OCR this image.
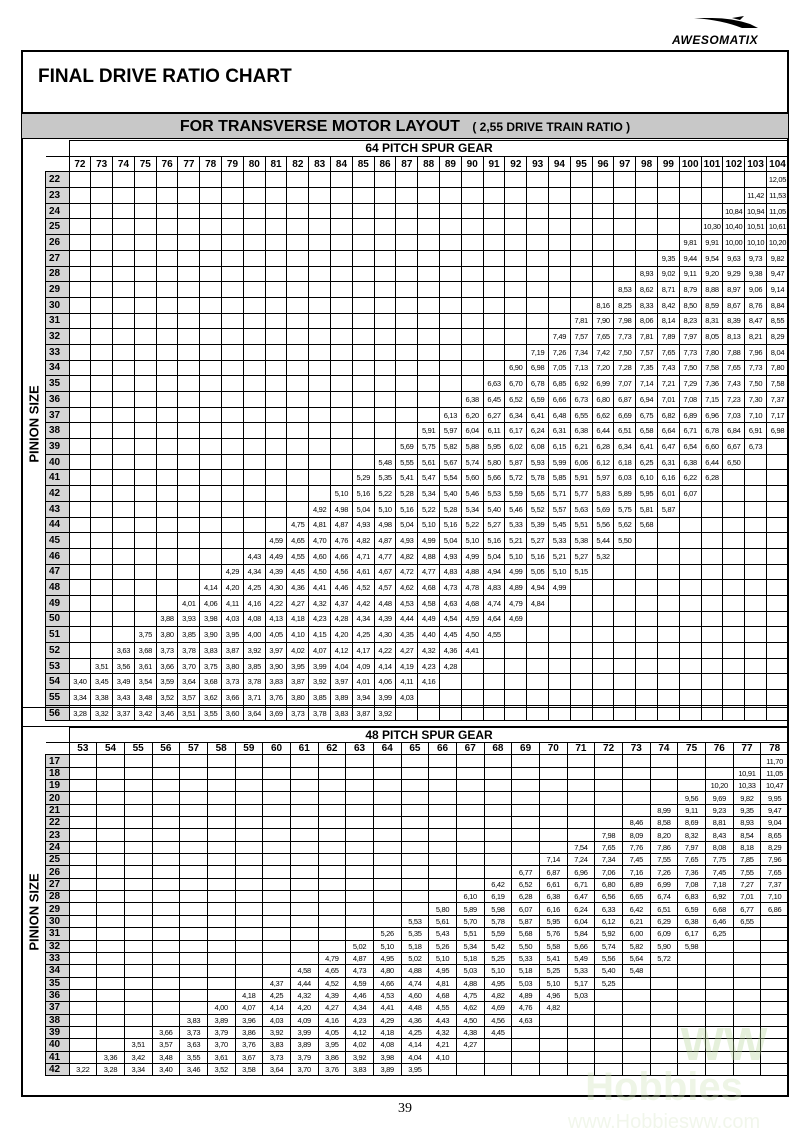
AWESOMATIX
FINAL DRIVE RATIO CHART
FOR TRANSVERSE MOTOR LAYOUT ( 2,55 DRIVE TRAIN RATIO )
	64 PITCH SPUR GEAR																																
	72	73	74	75	76	77	78	79	80	81	82	83	84	85	86	87	88	89	90	91	92	93	94	95	96	97	98	99	100	101	102	103	104
22																																	12,05
23																																11,42	11,53
24																															10,84	10,94	11,05
25																														10,30	10,40	10,51	10,61
26																													9,81	9,91	10,00	10,10	10,20
27																												9,35	9,44	9,54	9,63	9,73	9,82
28																											8,93	9,02	9,11	9,20	9,29	9,38	9,47
29																										8,53	8,62	8,71	8,79	8,88	8,97	9,06	9,14
30																									8,16	8,25	8,33	8,42	8,50	8,59	8,67	8,76	8,84
31																								7,81	7,90	7,98	8,06	8,14	8,23	8,31	8,39	8,47	8,55
32																							7,49	7,57	7,65	7,73	7,81	7,89	7,97	8,05	8,13	8,21	8,29
33																						7,19	7,26	7,34	7,42	7,50	7,57	7,65	7,73	7,80	7,88	7,96	8,04
34																					6,90	6,98	7,05	7,13	7,20	7,28	7,35	7,43	7,50	7,58	7,65	7,73	7,80
35																				6,63	6,70	6,78	6,85	6,92	6,99	7,07	7,14	7,21	7,29	7,36	7,43	7,50	7,58
36																			6,38	6,45	6,52	6,59	6,66	6,73	6,80	6,87	6,94	7,01	7,08	7,15	7,23	7,30	7,37
37																		6,13	6,20	6,27	6,34	6,41	6,48	6,55	6,62	6,69	6,75	6,82	6,89	6,96	7,03	7,10	7,17
38																	5,91	5,97	6,04	6,11	6,17	6,24	6,31	6,38	6,44	6,51	6,58	6,64	6,71	6,78	6,84	6,91	6,98
39																5,69	5,75	5,82	5,88	5,95	6,02	6,08	6,15	6,21	6,28	6,34	6,41	6,47	6,54	6,60	6,67	6,73	
40															5,48	5,55	5,61	5,67	5,74	5,80	5,87	5,93	5,99	6,06	6,12	6,18	6,25	6,31	6,38	6,44	6,50		
41														5,29	5,35	5,41	5,47	5,54	5,60	5,66	5,72	5,78	5,85	5,91	5,97	6,03	6,10	6,16	6,22	6,28			
42													5,10	5,16	5,22	5,28	5,34	5,40	5,46	5,53	5,59	5,65	5,71	5,77	5,83	5,89	5,95	6,01	6,07				
43												4,92	4,98	5,04	5,10	5,16	5,22	5,28	5,34	5,40	5,46	5,52	5,57	5,63	5,69	5,75	5,81	5,87					
44											4,75	4,81	4,87	4,93	4,98	5,04	5,10	5,16	5,22	5,27	5,33	5,39	5,45	5,51	5,56	5,62	5,68						
45										4,59	4,65	4,70	4,76	4,82	4,87	4,93	4,99	5,04	5,10	5,16	5,21	5,27	5,33	5,38	5,44	5,50							
46									4,43	4,49	4,55	4,60	4,66	4,71	4,77	4,82	4,88	4,93	4,99	5,04	5,10	5,16	5,21	5,27	5,32								
47								4,29	4,34	4,39	4,45	4,50	4,56	4,61	4,67	4,72	4,77	4,83	4,88	4,94	4,99	5,05	5,10	5,15									
48							4,14	4,20	4,25	4,30	4,36	4,41	4,46	4,52	4,57	4,62	4,68	4,73	4,78	4,83	4,89	4,94	4,99										
49						4,01	4,06	4,11	4,16	4,22	4,27	4,32	4,37	4,42	4,48	4,53	4,58	4,63	4,68	4,74	4,79	4,84											
50					3,88	3,93	3,98	4,03	4,08	4,13	4,18	4,23	4,28	4,34	4,39	4,44	4,49	4,54	4,59	4,64	4,69												
51				3,75	3,80	3,85	3,90	3,95	4,00	4,05	4,10	4,15	4,20	4,25	4,30	4,35	4,40	4,45	4,50	4,55													
52			3,63	3,68	3,73	3,78	3,83	3,87	3,92	3,97	4,02	4,07	4,12	4,17	4,22	4,27	4,32	4,36	4,41														
53		3,51	3,56	3,61	3,66	3,70	3,75	3,80	3,85	3,90	3,95	3,99	4,04	4,09	4,14	4,19	4,23	4,28															
54	3,40	3,45	3,49	3,54	3,59	3,64	3,68	3,73	3,78	3,83	3,87	3,92	3,97	4,01	4,06	4,11	4,16																
55	3,34	3,38	3,43	3,48	3,52	3,57	3,62	3,66	3,71	3,76	3,80	3,85	3,89	3,94	3,99	4,03																	
56	3,28	3,32	3,37	3,42	3,46	3,51	3,55	3,60	3,64	3,69	3,73	3,78	3,83	3,87	3,92																		
PINION SIZE
	48 PITCH SPUR GEAR																									
	53	54	55	56	57	58	59	60	61	62	63	64	65	66	67	68	69	70	71	72	73	74	75	76	77	78
17																										11,70
18																									10,91	11,05
19																								10,20	10,33	10,47
20																							9,56	9,69	9,82	9,95
21																						8,99	9,11	9,23	9,35	9,47
22																					8,46	8,58	8,69	8,81	8,93	9,04
23																				7,98	8,09	8,20	8,32	8,43	8,54	8,65
24																			7,54	7,65	7,76	7,86	7,97	8,08	8,18	8,29
25																		7,14	7,24	7,34	7,45	7,55	7,65	7,75	7,85	7,96
26																	6,77	6,87	6,96	7,06	7,16	7,26	7,36	7,45	7,55	7,65
27																6,42	6,52	6,61	6,71	6,80	6,89	6,99	7,08	7,18	7,27	7,37
28															6,10	6,19	6,28	6,38	6,47	6,56	6,65	6,74	6,83	6,92	7,01	7,10
29														5,80	5,89	5,98	6,07	6,16	6,24	6,33	6,42	6,51	6,59	6,68	6,77	6,86
30													5,53	5,61	5,70	5,78	5,87	5,95	6,04	6,12	6,21	6,29	6,38	6,46	6,55	
31												5,26	5,35	5,43	5,51	5,59	5,68	5,76	5,84	5,92	6,00	6,09	6,17	6,25		
32											5,02	5,10	5,18	5,26	5,34	5,42	5,50	5,58	5,66	5,74	5,82	5,90	5,98			
33										4,79	4,87	4,95	5,02	5,10	5,18	5,25	5,33	5,41	5,49	5,56	5,64	5,72				
34									4,58	4,65	4,73	4,80	4,88	4,95	5,03	5,10	5,18	5,25	5,33	5,40	5,48					
35								4,37	4,44	4,52	4,59	4,66	4,74	4,81	4,88	4,95	5,03	5,10	5,17	5,25						
36							4,18	4,25	4,32	4,39	4,46	4,53	4,60	4,68	4,75	4,82	4,89	4,96	5,03							
37						4,00	4,07	4,14	4,20	4,27	4,34	4,41	4,48	4,55	4,62	4,69	4,76	4,82								
38					3,83	3,89	3,96	4,03	4,09	4,16	4,23	4,29	4,36	4,43	4,50	4,56	4,63									
39				3,66	3,73	3,79	3,86	3,92	3,99	4,05	4,12	4,18	4,25	4,32	4,38	4,45										
40			3,51	3,57	3,63	3,70	3,76	3,83	3,89	3,95	4,02	4,08	4,14	4,21	4,27											
41		3,36	3,42	3,48	3,55	3,61	3,67	3,73	3,79	3,86	3,92	3,98	4,04	4,10												
42	3,22	3,28	3,34	3,40	3,46	3,52	3,58	3,64	3,70	3,76	3,83	3,89	3,95													
PINION SIZE
WW
Hobbies
www.Hobbiesww.com
39
